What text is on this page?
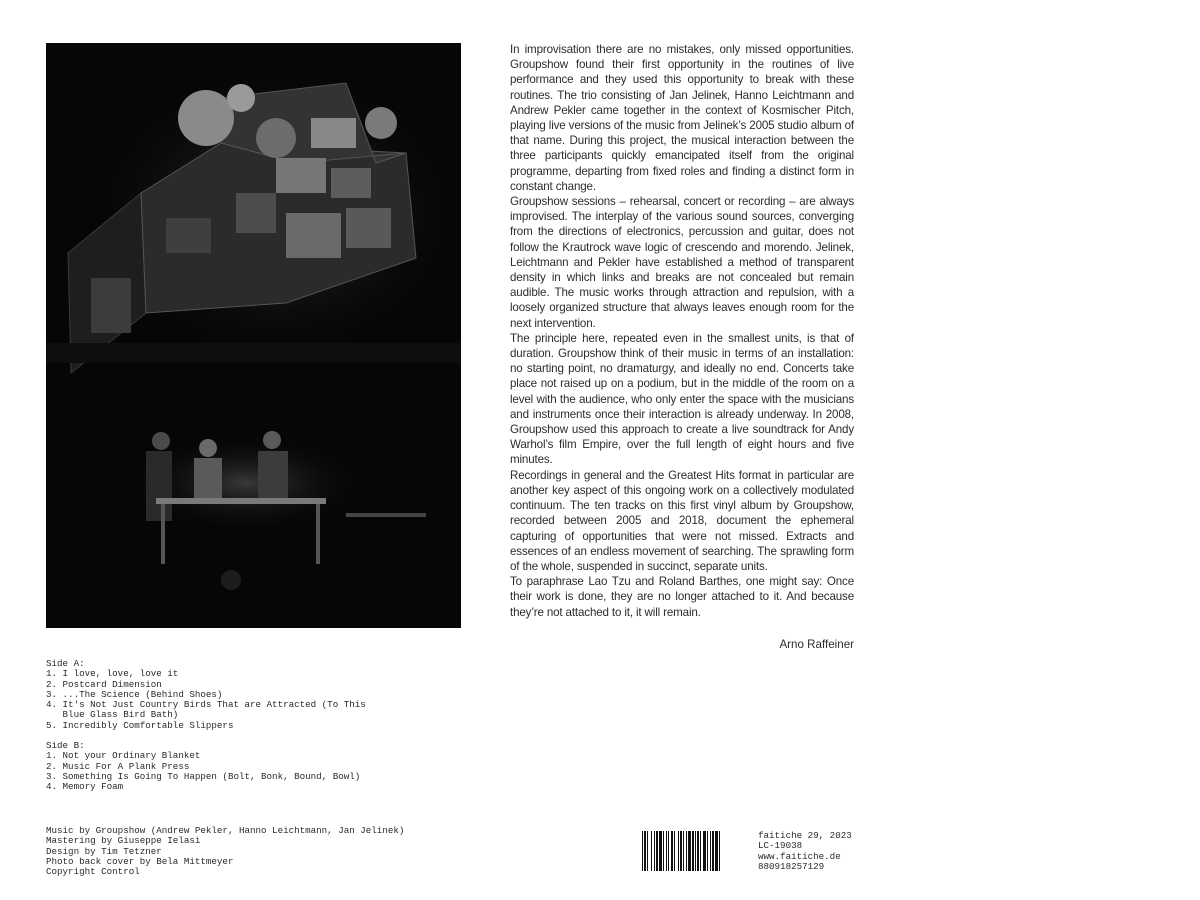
In improvisation there are no mistakes, only missed opportunities. Groupshow found their first opportunity in the routines of live performance and they used this opportunity to break with these routines. The trio consisting of Jan Jelinek, Hanno Leichtmann and Andrew Pekler came together in the context of Kosmischer Pitch, playing live versions of the music from Jelinek’s 2005 studio album of that name. During this project, the musical interaction between the three participants quickly emancipated itself from the original programme, departing from fixed roles and finding a distinct form in constant change.

Groupshow sessions – rehearsal, concert or recording – are always improvised. The interplay of the various sound sources, converging from the directions of electronics, percussion and guitar, does not follow the Krautrock wave logic of crescendo and morendo. Jelinek, Leichtmann and Pekler have established a method of transparent density in which links and breaks are not concealed but remain audible. The music works through attraction and repulsion, with a loosely organized structure that always leaves enough room for the next intervention.

The principle here, repeated even in the smallest units, is that of duration. Groupshow think of their music in terms of an installation: no starting point, no dramaturgy, and ideally no end. Concerts take place not raised up on a podium, but in the middle of the room on a level with the audience, who only enter the space with the musicians and instruments once their interaction is already underway. In 2008, Groupshow used this approach to create a live soundtrack for Andy Warhol’s film Empire, over the full length of eight hours and five minutes.

Recordings in general and the Greatest Hits format in particular are another key aspect of this ongoing work on a collectively modulated continuum. The ten tracks on this first vinyl album by Groupshow, recorded between 2005 and 2018, document the ephemeral capturing of opportunities that were not missed. Extracts and essences of an endless movement of searching. The sprawling form of the whole, suspended in succinct, separate units.

To paraphrase Lao Tzu and Roland Barthes, one might say: Once their work is done, they are no longer attached to it. And because they’re not attached to it, it will remain.

Arno Raffeiner
Side A:
1. I love, love, love it
2. Postcard Dimension
3. ...The Science (Behind Shoes)
4. It's Not Just Country Birds That are Attracted (To This
Blue Glass Bird Bath)
5. Incredibly Comfortable Slippers
Side B:
1. Not your Ordinary Blanket
2. Music For A Plank Press
3. Something Is Going To Happen (Bolt, Bonk, Bound, Bowl)
4. Memory Foam
Music by Groupshow (Andrew Pekler, Hanno Leichtmann, Jan Jelinek)
Mastering by Giuseppe Ielasi
Design by Tim Tetzner
Photo back cover by Bela Mittmeyer
Copyright Control
faitiche 29, 2023
LC-19038
www.faitiche.de
880918257129
